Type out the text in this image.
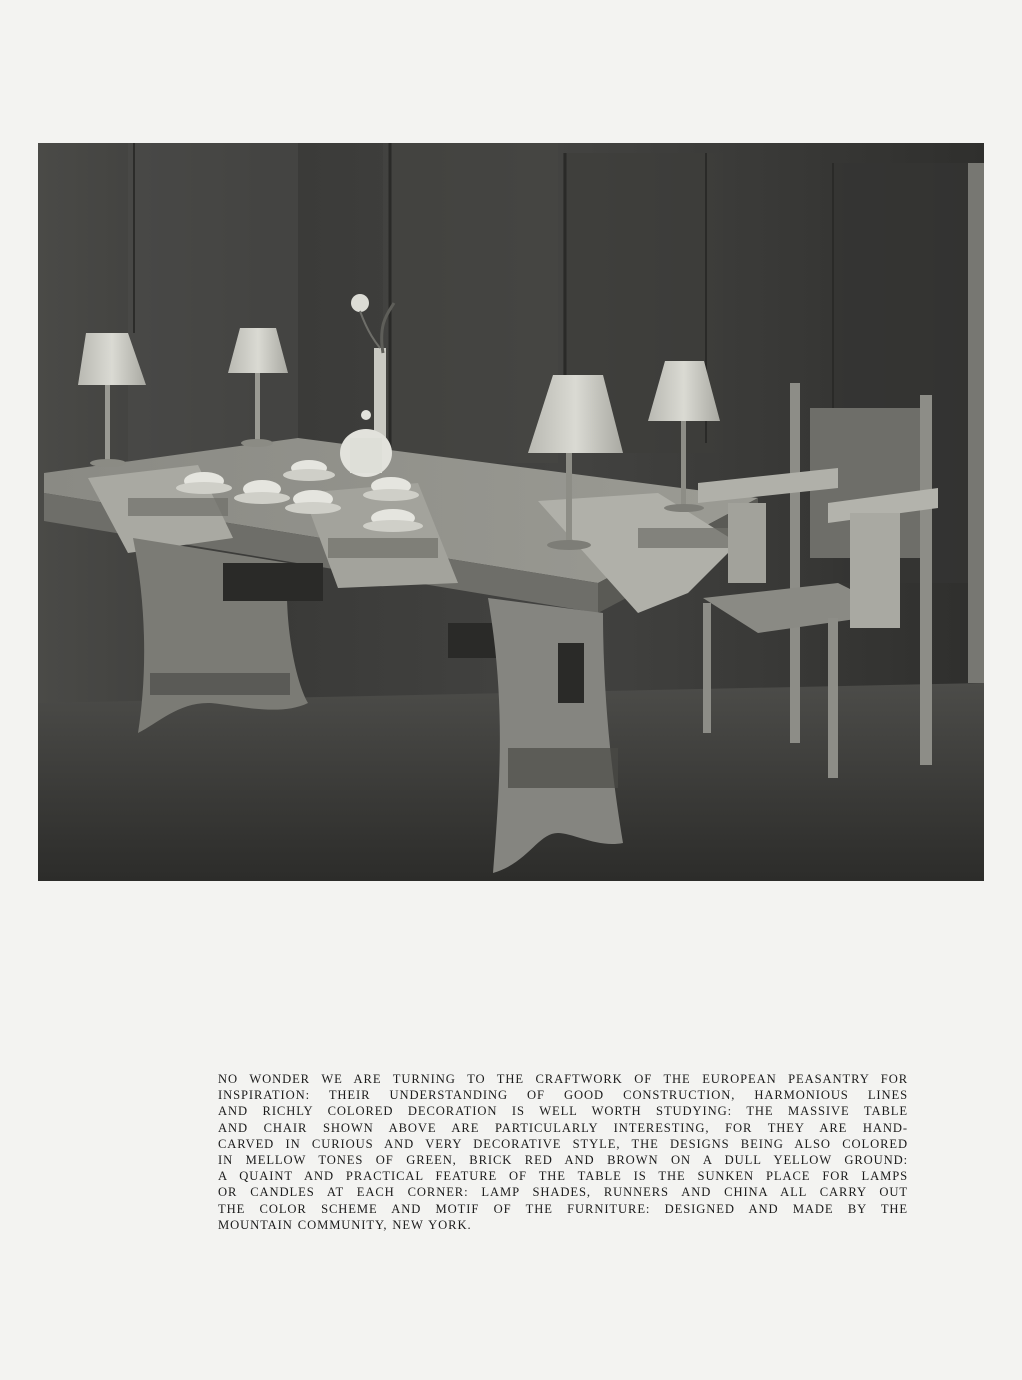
NO WONDER WE ARE TURNING TO THE CRAFTWORK OF THE EUROPEAN PEASANTRY FOR
INSPIRATION: THEIR UNDERSTANDING OF GOOD CONSTRUCTION, HARMONIOUS LINES
AND RICHLY COLORED DECORATION IS WELL WORTH STUDYING: THE MASSIVE TABLE
AND CHAIR SHOWN ABOVE ARE PARTICULARLY INTERESTING, FOR THEY ARE HAND-
CARVED IN CURIOUS AND VERY DECORATIVE STYLE, THE DESIGNS BEING ALSO COLORED
IN MELLOW TONES OF GREEN, BRICK RED AND BROWN ON A DULL YELLOW GROUND:
A QUAINT AND PRACTICAL FEATURE OF THE TABLE IS THE SUNKEN PLACE FOR LAMPS
OR CANDLES AT EACH CORNER: LAMP SHADES, RUNNERS AND CHINA ALL CARRY OUT
THE COLOR SCHEME AND MOTIF OF THE FURNITURE: DESIGNED AND MADE BY THE
MOUNTAIN COMMUNITY, NEW YORK.
